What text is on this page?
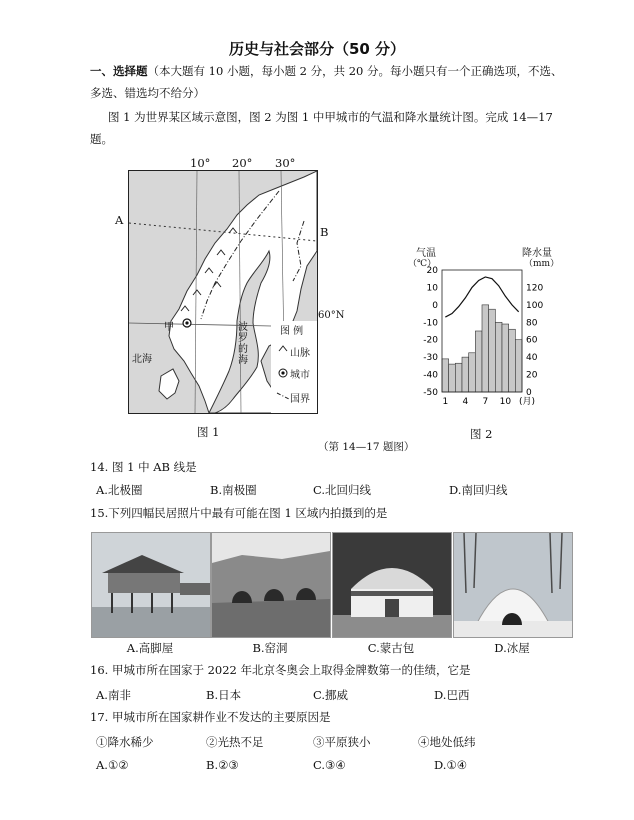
历史与社会部分（50 分）
一、选择题（本大题有 10 小题，每小题 2 分，共 20 分。每小题只有一个正确选项，不选、
多选、错选均不给分）
图 1 为世界某区域示意图，图 2 为图 1 中甲城市的气温和降水量统计图。完成 14—17
题。
10° 20° 30°
A
B
60°N
甲
北海
波罗的海
图 例
山脉
城市
国界
图 1
气温
（℃）
降水量
（mm）
20
10
0
-10
-20
-30
-40
-50
120
100
80
60
40
20
0
1 4 7 10 (月)
图 2
（第 14—17 题图）
14. 图 1 中 AB 线是
A.北极圈	B.南极圈	C.北回归线	D.南回归线
15.下列四幅民居照片中最有可能在图 1 区域内拍摄到的是
A.高脚屋	B.窑洞	C.蒙古包	D.冰屋
16. 甲城市所在国家于 2022 年北京冬奥会上取得金牌数第一的佳绩，它是
A.南非	B.日本	C.挪威	D.巴西
17. 甲城市所在国家耕作业不发达的主要原因是
①降水稀少	②光热不足	③平原狭小	④地处低纬
A.①②	B.②③	C.③④	D.①④
